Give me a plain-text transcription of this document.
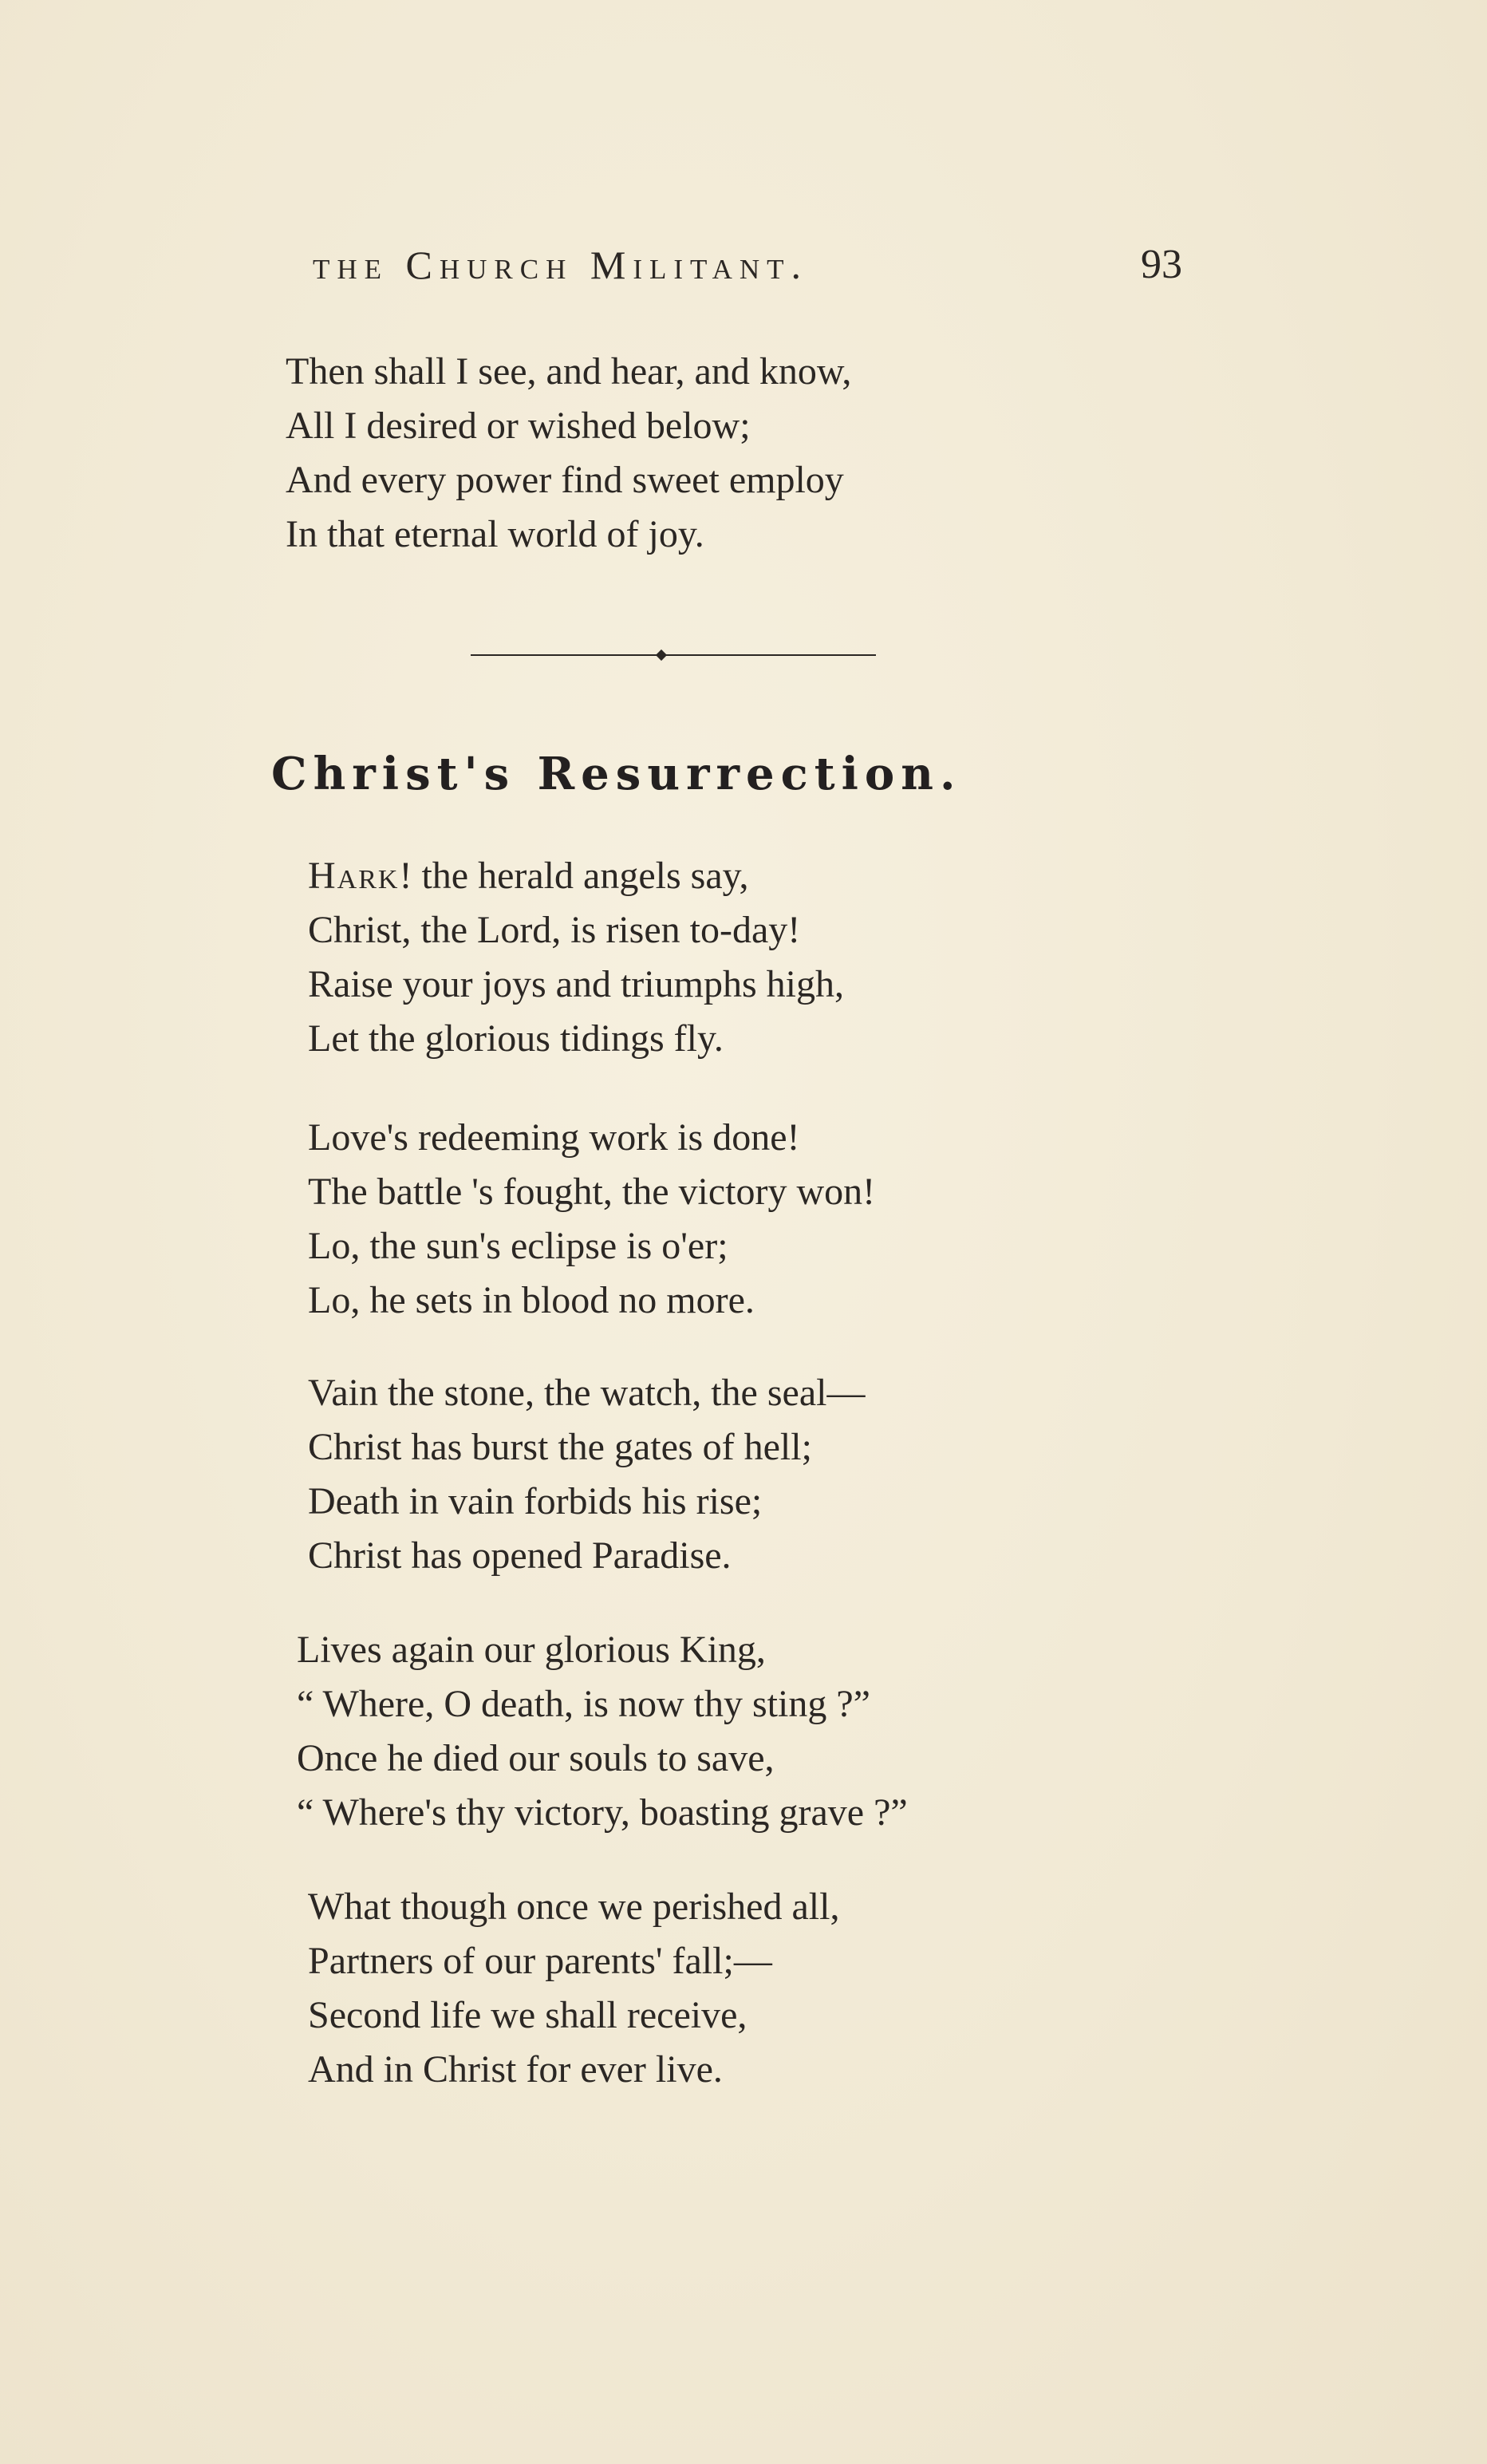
the Church Militant.	93
Then shall I see, and hear, and know,
All I desired or wished below;
And every power find sweet employ
In that eternal world of joy.
Christ's Resurrection.
Hark! the herald angels say,
Christ, the Lord, is risen to-day!
Raise your joys and triumphs high,
Let the glorious tidings fly.
Love's redeeming work is done!
The battle 's fought, the victory won!
Lo, the sun's eclipse is o'er;
Lo, he sets in blood no more.
Vain the stone, the watch, the seal—
Christ has burst the gates of hell;
Death in vain forbids his rise;
Christ has opened Paradise.
Lives again our glorious King,
“ Where, O death, is now thy sting ?”
Once he died our souls to save,
“ Where's thy victory, boasting grave ?”
What though once we perished all,
Partners of our parents' fall;—
Second life we shall receive,
And in Christ for ever live.
